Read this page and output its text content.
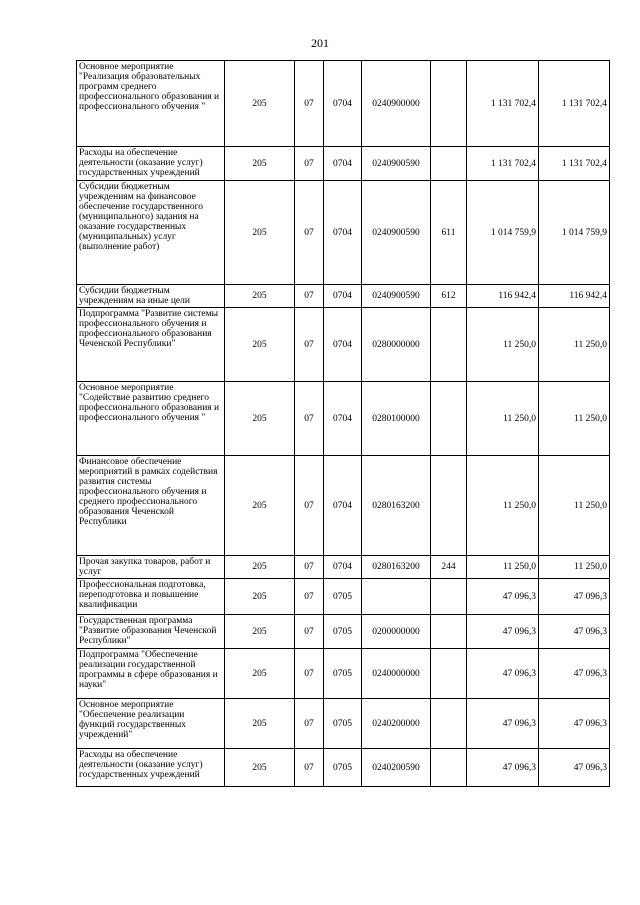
201
Основное мероприятие "Реализация образовательных программ среднего профессионального образования и профессионального обучения "	205	07	0704	0240900000		1 131 702,4	1 131 702,4
Расходы на обеспечение деятельности (оказание услуг) государственных учреждений	205	07	0704	0240900590		1 131 702,4	1 131 702,4
Субсидии бюджетным учреждениям на финансовое обеспечение государственного (муниципального) задания на оказание государственных (муниципальных) услуг (выполнение работ)	205	07	0704	0240900590	611	1 014 759,9	1 014 759,9
Субсидии бюджетным учреждениям на иные цели	205	07	0704	0240900590	612	116 942,4	116 942,4
Подпрограмма "Развитие системы профессионального обучения и профессионального образования Чеченской Республики"	205	07	0704	0280000000		11 250,0	11 250,0
Основное мероприятие "Содействие развитию среднего профессионального образования и профессионального обучения "	205	07	0704	0280100000		11 250,0	11 250,0
Финансовое обеспечение мероприятий в рамках содействия развития системы профессионального обучения и среднего профессионального образования Чеченской Республики	205	07	0704	0280163200		11 250,0	11 250,0
Прочая закупка товаров, работ и услуг	205	07	0704	0280163200	244	11 250,0	11 250,0
Профессиональная подготовка, переподготовка и повышение квалификации	205	07	0705			47 096,3	47 096,3
Государственная программа "Развитие образования Чеченской Республики"	205	07	0705	0200000000		47 096,3	47 096,3
Подпрограмма "Обеспечение реализации государственной программы в сфере образования и науки"	205	07	0705	0240000000		47 096,3	47 096,3
Основное мероприятие "Обеспечение реализации функций государственных учреждений"	205	07	0705	0240200000		47 096,3	47 096,3
Расходы на обеспечение деятельности (оказание услуг) государственных учреждений	205	07	0705	0240200590		47 096,3	47 096,3
